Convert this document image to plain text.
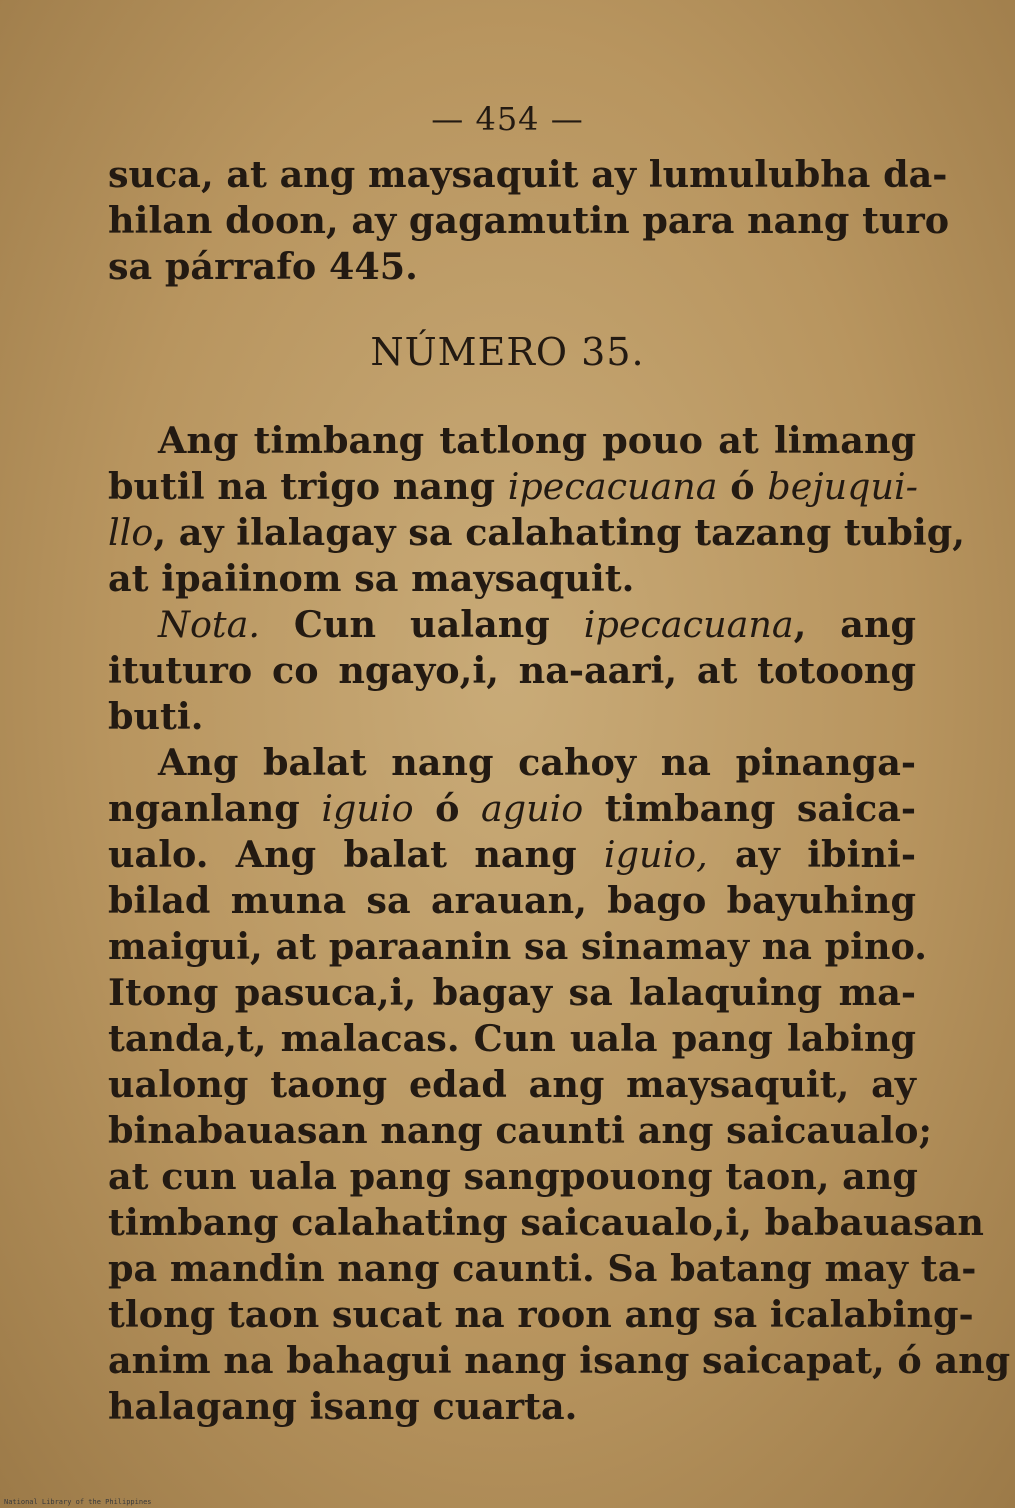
— 454 —
suca, at ang maysaquit ay lumulubha da-
hilan doon, ay gagamutin para nang turo
sa párrafo 445.
NÚMERO 35.
Ang timbang tatlong pouo at limang
butil na trigo nang ipecacuana ó bejuqui-
llo, ay ilalagay sa calahating tazang tubig,
at ipaiinom sa maysaquit.
Nota. Cun ualang ipecacuana, ang
ituturo co ngayo,i, na-aari, at totoong
buti.
Ang balat nang cahoy na pinanga-
nganlang iguio ó aguio timbang saica-
ualo. Ang balat nang iguio, ay ibini-
bilad muna sa arauan, bago bayuhing
maigui, at paraanin sa sinamay na pino.
Itong pasuca,i, bagay sa lalaquing ma-
tanda,t, malacas. Cun uala pang labing
ualong taong edad ang maysaquit, ay
binabauasan nang caunti ang saicaualo;
at cun uala pang sangpouong taon, ang
timbang calahating saicaualo,i, babauasan
pa mandin nang caunti. Sa batang may ta-
tlong taon sucat na roon ang sa icalabing-
anim na bahagui nang isang saicapat, ó ang
halagang isang cuarta.
National Library of the Philippines
